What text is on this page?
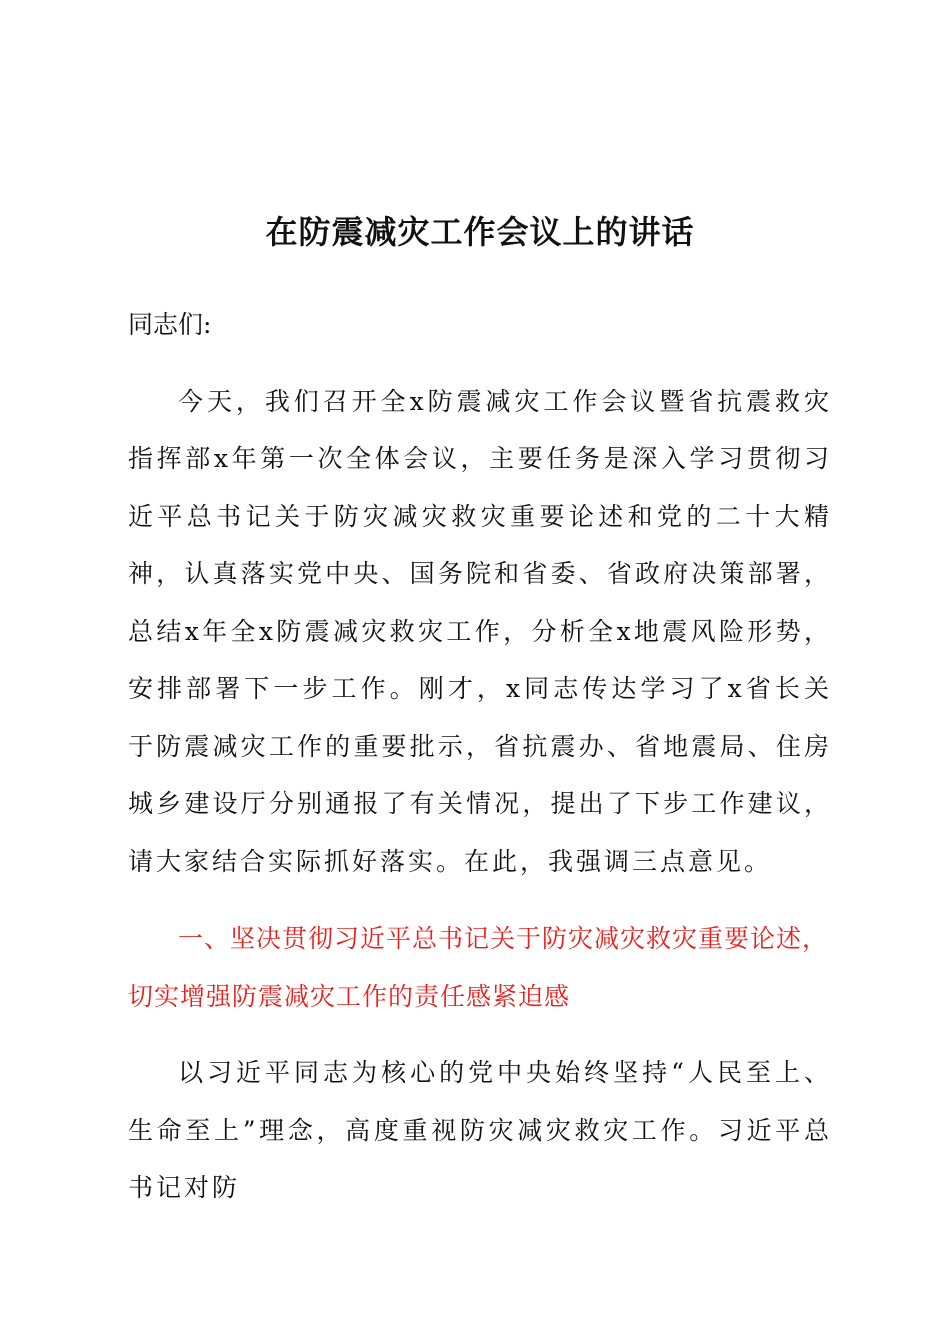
在防震减灾工作会议上的讲话

同志们:

今天，我们召开全x防震减灾工作会议暨省抗震救灾指挥部x年第一次全体会议，主要任务是深入学习贯彻习近平总书记关于防灾减灾救灾重要论述和党的二十大精神，认真落实党中央、国务院和省委、省政府决策部署，总结x年全x防震减灾救灾工作，分析全x地震风险形势，安排部署下一步工作。刚才，x同志传达学习了x省长关于防震减灾工作的重要批示，省抗震办、省地震局、住房城乡建设厅分别通报了有关情况，提出了下步工作建议，请大家结合实际抓好落实。在此，我强调三点意见。

一、坚决贯彻习近平总书记关于防灾减灾救灾重要论述，切实增强防震减灾工作的责任感紧迫感

以习近平同志为核心的党中央始终坚持“人民至上、生命至上”理念，高度重视防灾减灾救灾工作。习近平总书记对防
